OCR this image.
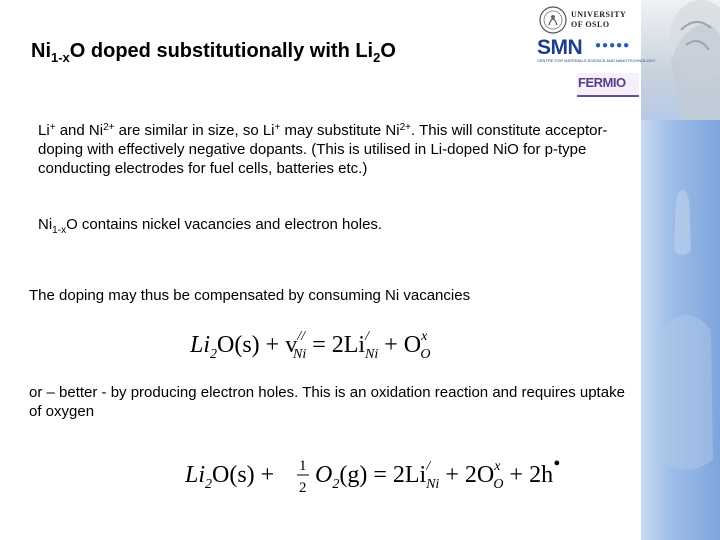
$Ni_{1-x}O$ doped substitutionally with $Li_2O$
UNIVERSITY
OF OSLO
SMN ●●●●●
CENTRE FOR MATERIALS SCIENCE AND NANOTECHNOLOGY
FERMIO
Li+ and $Ni^{2+}$ are similar in size, so Li+ may substitute $Ni^{2+}$. This will constitute acceptor-doping with effectively negative dopants. (This is utilised in Li-doped NiO for p-type conducting electrodes for fuel cells, batteries etc.)
$Ni_{1-x}O$ contains nickel vacancies and electron holes.
The doping may thus be compensated by consuming Ni vacancies
$Li_2O(s) + v^{//}$ Ni = 2Li/ $Ni + O^x$ O
or – better - by producing electron holes. This is an oxidation reaction and requires uptake of oxygen
$Li_2O(s) + 1$
2 $O_2(g) = 2Li^/$ $Ni + 2O^x$ O + 2h•
